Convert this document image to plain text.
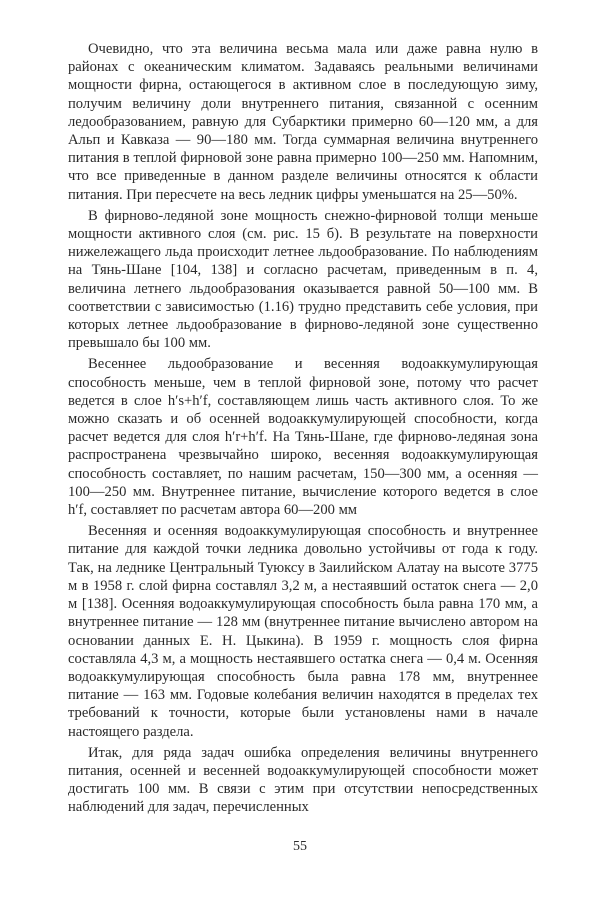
Очевидно, что эта величина весьма мала или даже равна нулю в районах с океаническим климатом. Задаваясь реальными величинами мощности фирна, остающегося в активном слое в последующую зиму, получим величину доли внутреннего питания, связанной с осенним ледообразованием, равную для Субарктики примерно 60—120 мм, а для Альп и Кавказа — 90—180 мм. Тогда суммарная величина внутреннего питания в теплой фирновой зоне равна примерно 100—250 мм. Напомним, что все приведенные в данном разделе величины относятся к области питания. При пересчете на весь ледник цифры уменьшатся на 25—50%.

В фирново-ледяной зоне мощность снежно-фирновой толщи меньше мощности активного слоя (см. рис. 15 б). В результате на поверхности нижележащего льда происходит летнее льдообразование. По наблюдениям на Тянь-Шане [104, 138] и согласно расчетам, приведенным в п. 4, величина летнего льдообразования оказывается равной 50—100 мм. В соответствии с зависимостью (1.16) трудно представить себе условия, при которых летнее льдообразование в фирново-ледяной зоне существенно превышало бы 100 мм.

Весеннее льдообразование и весенняя водоаккумулирующая способность меньше, чем в теплой фирновой зоне, потому что расчет ведется в слое h′s+h′f, составляющем лишь часть активного слоя. То же можно сказать и об осенней водоаккумулирующей способности, когда расчет ведется для слоя h′r+h′f. На Тянь-Шане, где фирново-ледяная зона распространена чрезвычайно широко, весенняя водоаккумулирующая способность составляет, по нашим расчетам, 150—300 мм, а осенняя — 100—250 мм. Внутреннее питание, вычисление которого ведется в слое h′f, составляет по расчетам автора 60—200 мм

Весенняя и осенняя водоаккумулирующая способность и внутреннее питание для каждой точки ледника довольно устойчивы от года к году. Так, на леднике Центральный Туюксу в Заилийском Алатау на высоте 3775 м в 1958 г. слой фирна составлял 3,2 м, а нестаявший остаток снега — 2,0 м [138]. Осенняя водоаккумулирующая способность была равна 170 мм, а внутреннее питание — 128 мм (внутреннее питание вычислено автором на основании данных Е. Н. Цыкина). В 1959 г. мощность слоя фирна составляла 4,3 м, а мощность нестаявшего остатка снега — 0,4 м. Осенняя водоаккумулирующая способность была равна 178 мм, внутреннее питание — 163 мм. Годовые колебания величин находятся в пределах тех требований к точности, которые были установлены нами в начале настоящего раздела.

Итак, для ряда задач ошибка определения величины внутреннего питания, осенней и весенней водоаккумулирующей способности может достигать 100 мм. В связи с этим при отсутствии непосредственных наблюдений для задач, перечисленных

55
